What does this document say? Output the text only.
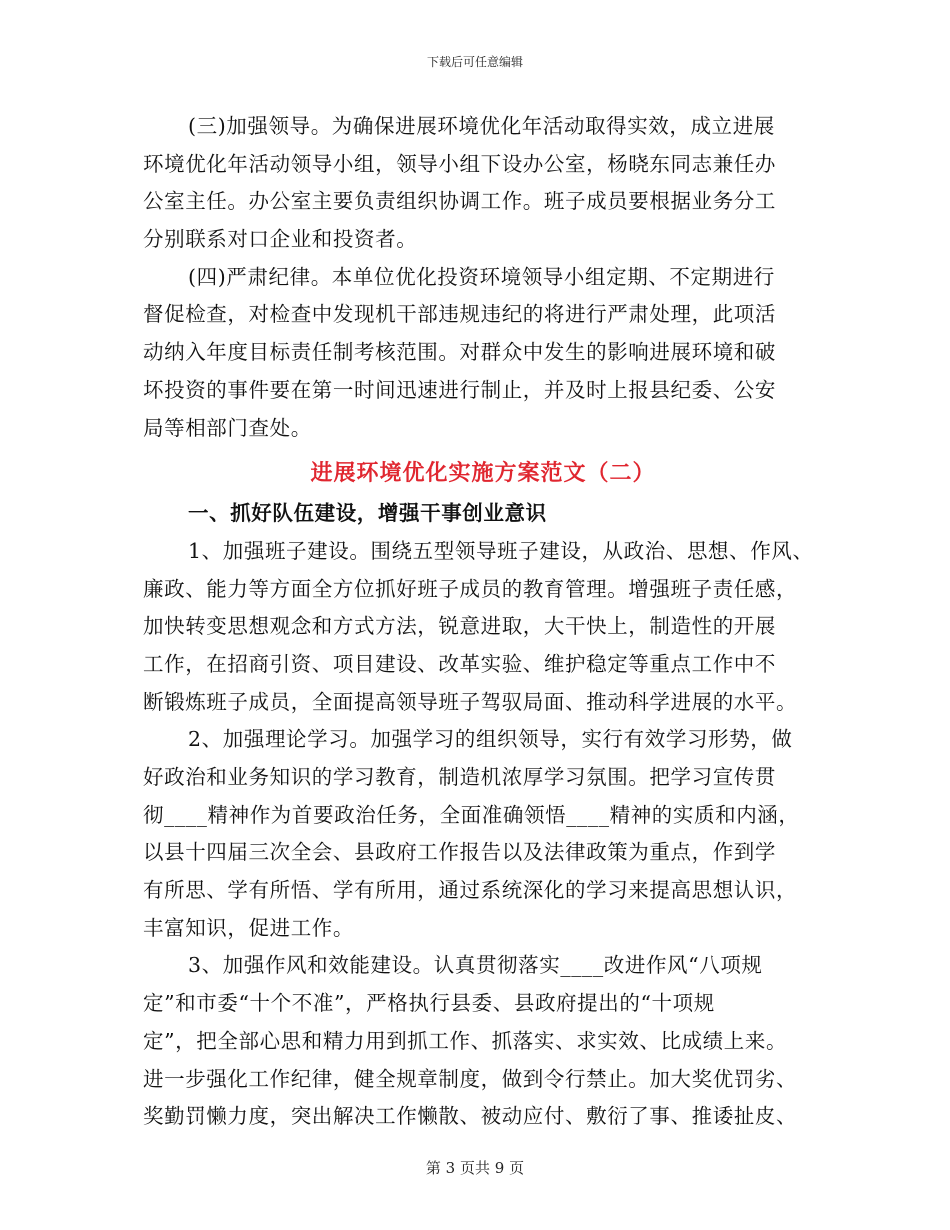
下载后可任意编辑
(三)加强领导。为确保进展环境优化年活动取得实效，成立进展
环境优化年活动领导小组，领导小组下设办公室，杨晓东同志兼任办
公室主任。办公室主要负责组织协调工作。班子成员要根据业务分工
分别联系对口企业和投资者。
(四)严肃纪律。本单位优化投资环境领导小组定期、不定期进行
督促检查，对检查中发现机干部违规违纪的将进行严肃处理，此项活
动纳入年度目标责任制考核范围。对群众中发生的影响进展环境和破
坏投资的事件要在第一时间迅速进行制止，并及时上报县纪委、公安
局等相部门查处。
进展环境优化实施方案范文（二）
一、抓好队伍建设，增强干事创业意识
1、加强班子建设。围绕五型领导班子建设，从政治、思想、作风、
廉政、能力等方面全方位抓好班子成员的教育管理。增强班子责任感，
加快转变思想观念和方式方法，锐意进取，大干快上，制造性的开展
工作，在招商引资、项目建设、改革实验、维护稳定等重点工作中不
断锻炼班子成员，全面提高领导班子驾驭局面、推动科学进展的水平。
2、加强理论学习。加强学习的组织领导，实行有效学习形势，做
好政治和业务知识的学习教育，制造机浓厚学习氛围。把学习宣传贯
彻____精神作为首要政治任务，全面准确领悟____精神的实质和内涵，
以县十四届三次全会、县政府工作报告以及法律政策为重点，作到学
有所思、学有所悟、学有所用，通过系统深化的学习来提高思想认识，
丰富知识，促进工作。
3、加强作风和效能建设。认真贯彻落实____改进作风“八项规
定”和市委“十个不准”，严格执行县委、县政府提出的“十项规
定”，把全部心思和精力用到抓工作、抓落实、求实效、比成绩上来。
进一步强化工作纪律，健全规章制度，做到令行禁止。加大奖优罚劣、
奖勤罚懒力度，突出解决工作懒散、被动应付、敷衍了事、推诿扯皮、
第 3 页共 9 页
